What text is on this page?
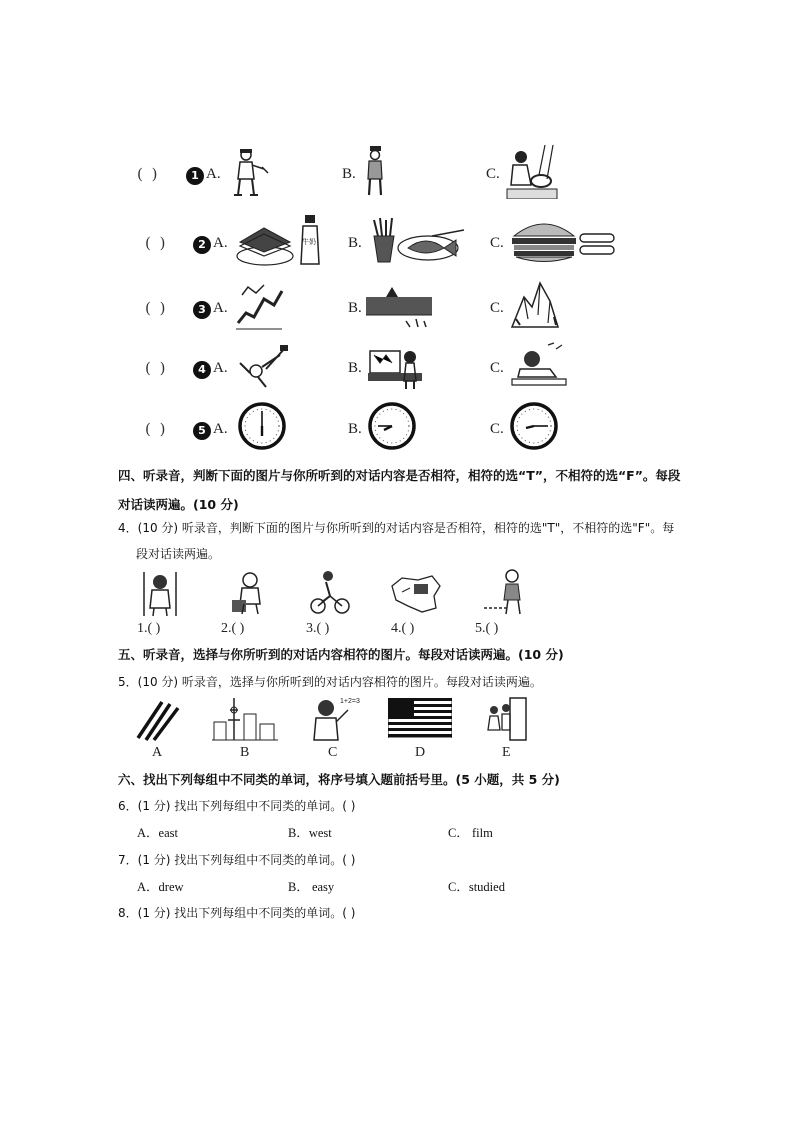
( )	1 A.	B.	C.
( )	2 A.	牛奶 B.	C.
( )	3 A.	B.	C.
( )	4 A.	B.	C.
( )	5 A.	B.	C.
四、听录音，判断下面的图片与你所听到的对话内容是否相符，相符的选“T”，不相符的选“F”。每段
对话读两遍。(10 分)
4．(10 分) 听录音，判断下面的图片与你所听到的对话内容是否相符，相符的选"T"，不相符的选"F"。每
段对话读两遍。
1.( )	2.( )	3.( )	4.( )	5.( )
五、听录音，选择与你所听到的对话内容相符的图片。每段对话读两遍。(10 分)
5．(10 分) 听录音，选择与你所听到的对话内容相符的图片。每段对话读两遍。
1+2=3
A	B	C	D	E
六、找出下列每组中不同类的单词，将序号填入题前括号里。(5 小题，共 5 分)
6．(1 分) 找出下列每组中不同类的单词。( )
A．east	B．west	C． film
7．(1 分) 找出下列每组中不同类的单词。( )
A．drew	B． easy	C．studied
8．(1 分) 找出下列每组中不同类的单词。( )
